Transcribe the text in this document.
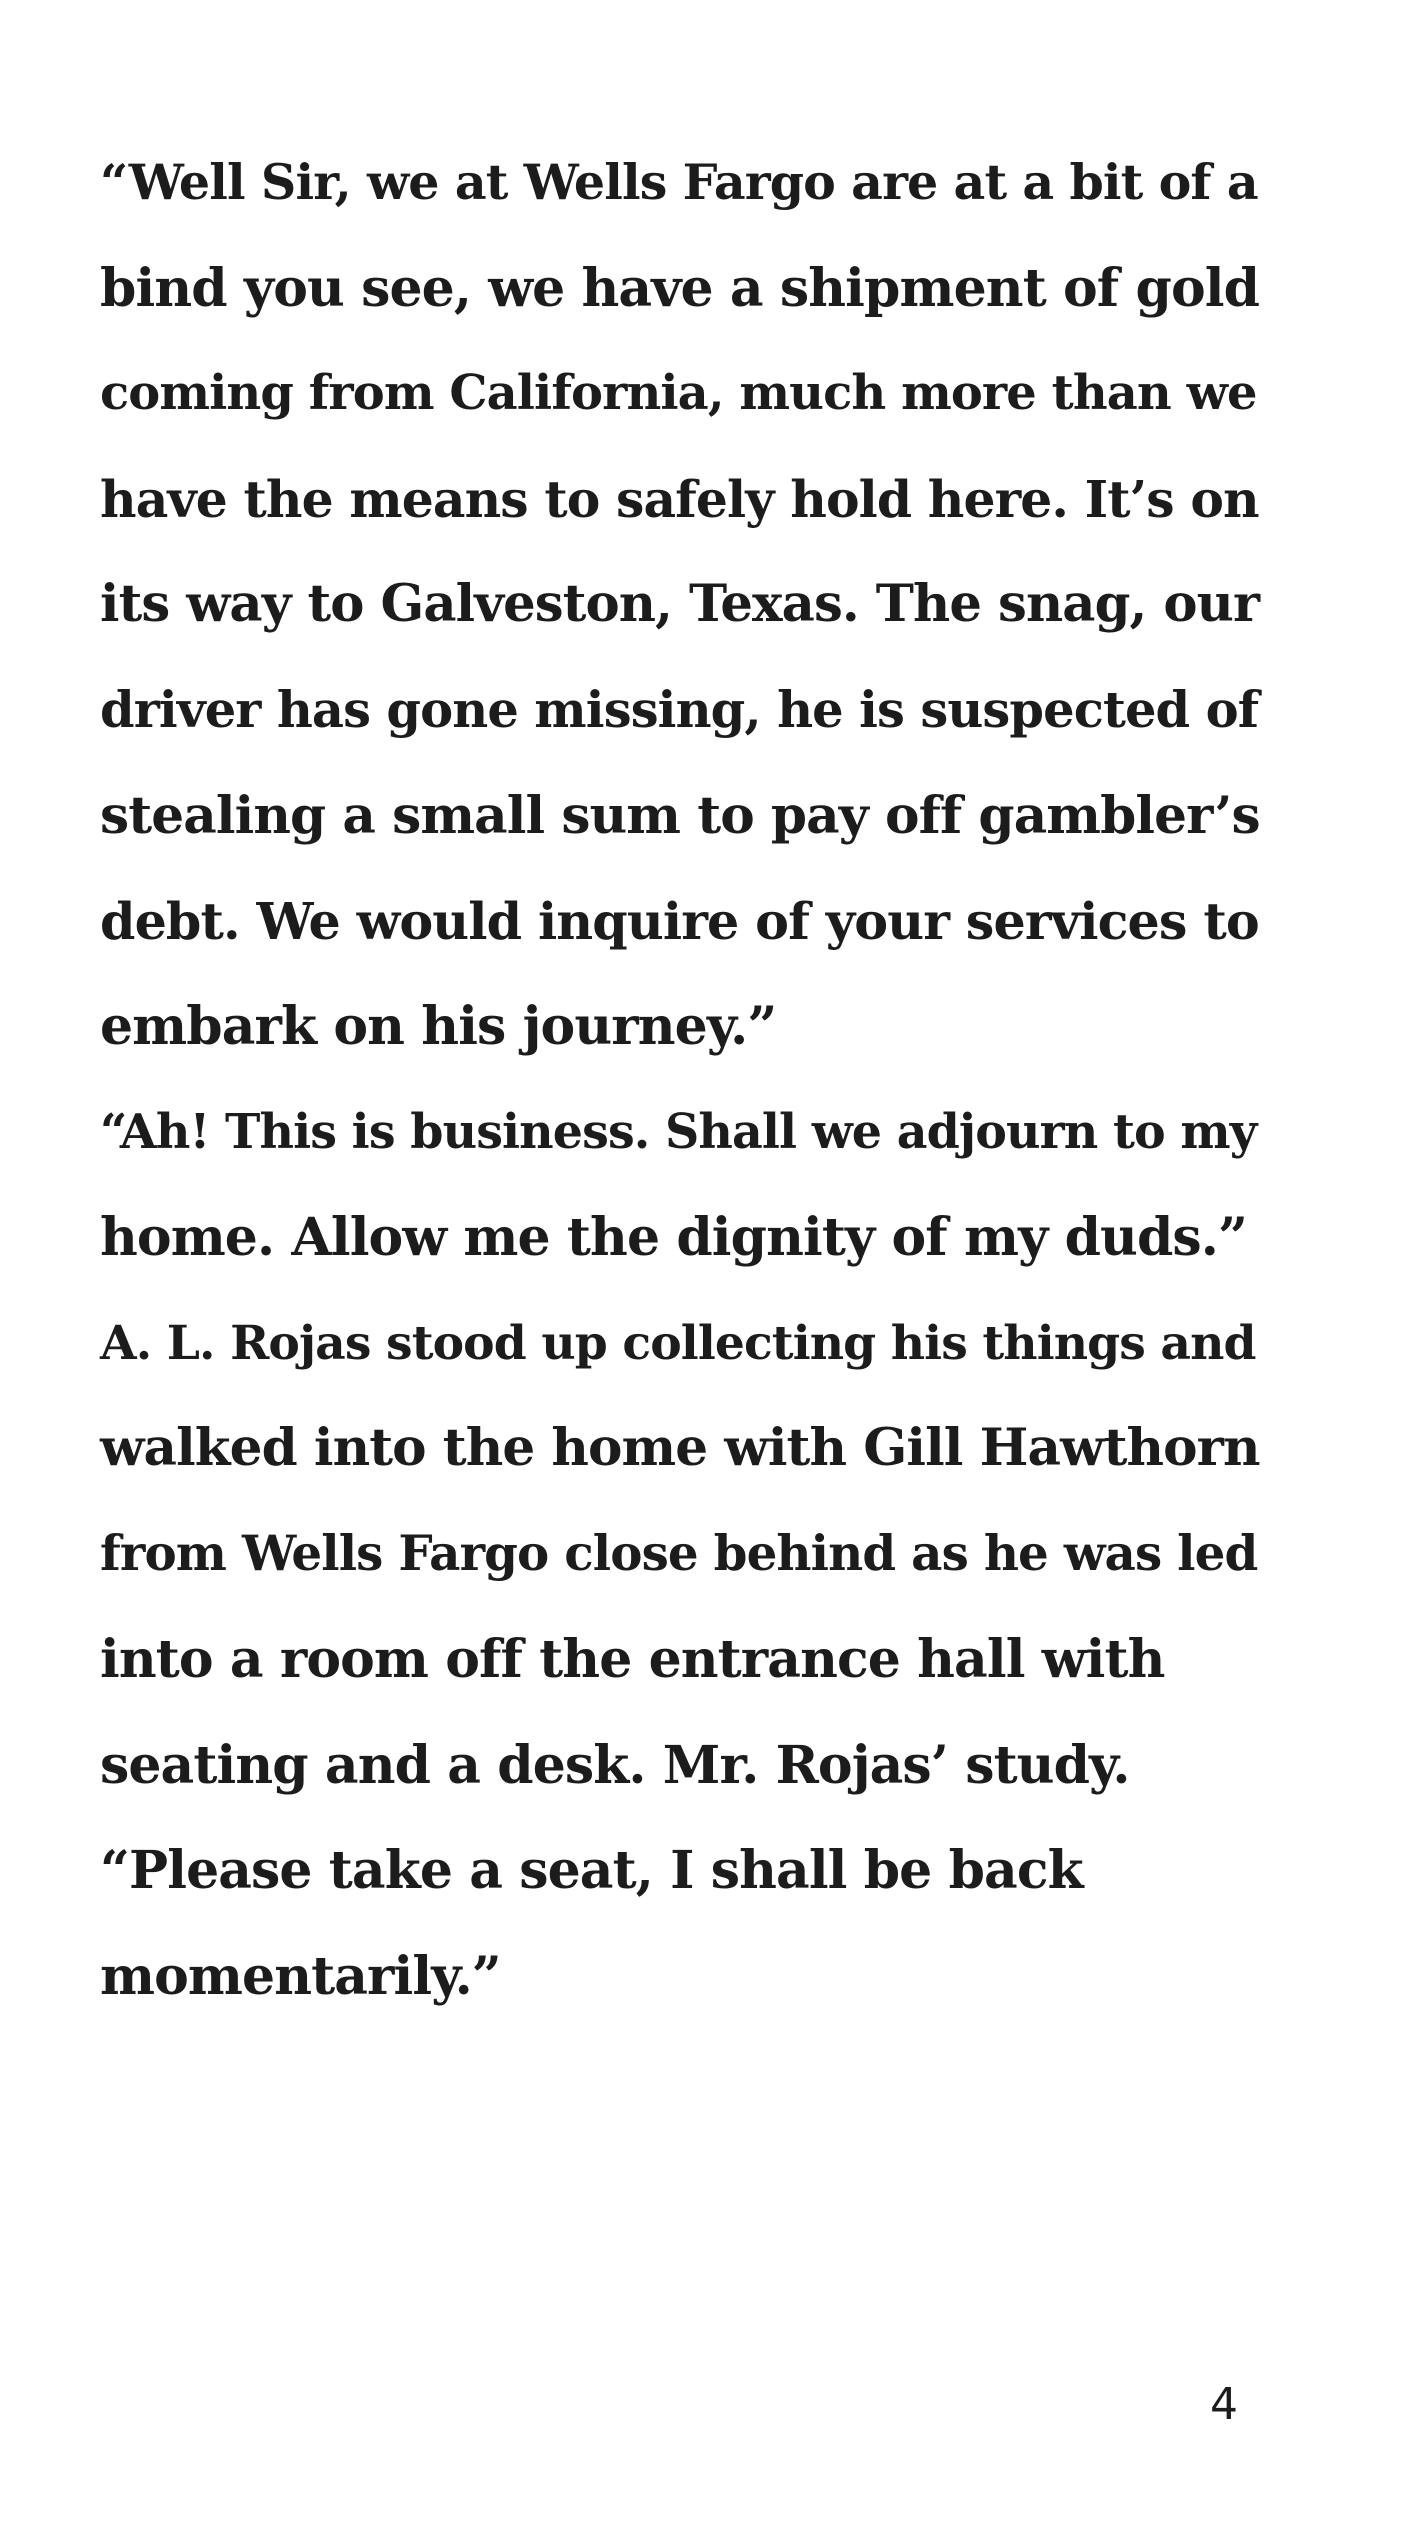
“Well Sir, we at Wells Fargo are at a bit of a
bind you see, we have a shipment of gold
coming from California, much more than we
have the means to safely hold here. It’s on
its way to Galveston, Texas. The snag, our
driver has gone missing, he is suspected of
stealing a small sum to pay off gambler’s
debt. We would inquire of your services to
embark on his journey.”
“Ah! This is business. Shall we adjourn to my
home. Allow me the dignity of my duds.”
A. L. Rojas stood up collecting his things and
walked into the home with Gill Hawthorn
from Wells Fargo close behind as he was led
into a room off the entrance hall with
seating and a desk. Mr. Rojas’ study.
“Please take a seat, I shall be back
momentarily.”
4
